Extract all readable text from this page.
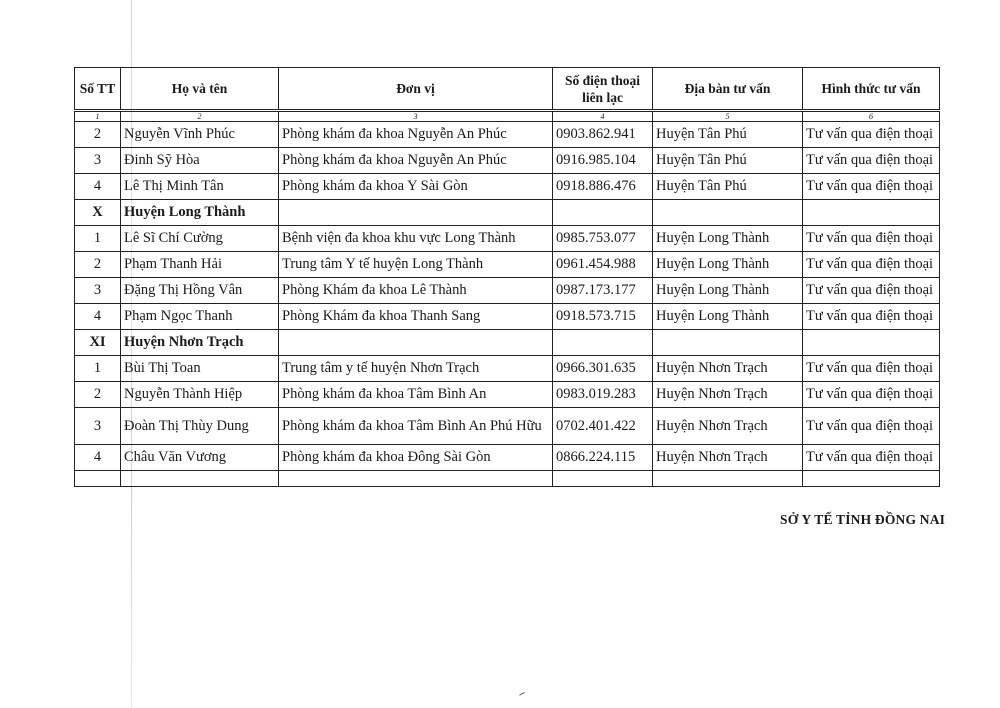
Số TT	Họ và tên	Đơn vị	Số điện thoại liên lạc	Địa bàn tư vấn	Hình thức tư vấn
1	2	3	4	5	6
2	Nguyễn Vĩnh Phúc	Phòng khám đa khoa Nguyễn An Phúc	0903.862.941	Huyện Tân Phú	Tư vấn qua điện thoại
3	Đinh Sỹ Hòa	Phòng khám đa khoa Nguyễn An Phúc	0916.985.104	Huyện Tân Phú	Tư vấn qua điện thoại
4	Lê Thị Minh Tân	Phòng khám đa khoa Y Sài Gòn	0918.886.476	Huyện Tân Phú	Tư vấn qua điện thoại
X	Huyện Long Thành				
1	Lê Sĩ Chí Cường	Bệnh viện đa khoa khu vực Long Thành	0985.753.077	Huyện Long Thành	Tư vấn qua điện thoại
2	Phạm Thanh Hải	Trung tâm Y tế huyện Long Thành	0961.454.988	Huyện Long Thành	Tư vấn qua điện thoại
3	Đặng Thị Hồng Vân	Phòng Khám đa khoa Lê Thành	0987.173.177	Huyện Long Thành	Tư vấn qua điện thoại
4	Phạm Ngọc Thanh	Phòng Khám đa khoa Thanh Sang	0918.573.715	Huyện Long Thành	Tư vấn qua điện thoại
XI	Huyện Nhơn Trạch				
1	Bùi Thị Toan	Trung tâm y tế huyện Nhơn Trạch	0966.301.635	Huyện Nhơn Trạch	Tư vấn qua điện thoại
2	Nguyễn Thành Hiệp	Phòng khám đa khoa Tâm Bình An	0983.019.283	Huyện Nhơn Trạch	Tư vấn qua điện thoại
3	Đoàn Thị Thùy Dung	Phòng khám đa khoa Tâm Bình An Phú Hữu	0702.401.422	Huyện Nhơn Trạch	Tư vấn qua điện thoại
4	Châu Văn Vương	Phòng khám đa khoa Đông Sài Gòn	0866.224.115	Huyện Nhơn Trạch	Tư vấn qua điện thoại

SỞ Y TẾ TỈNH ĐỒNG NAI
